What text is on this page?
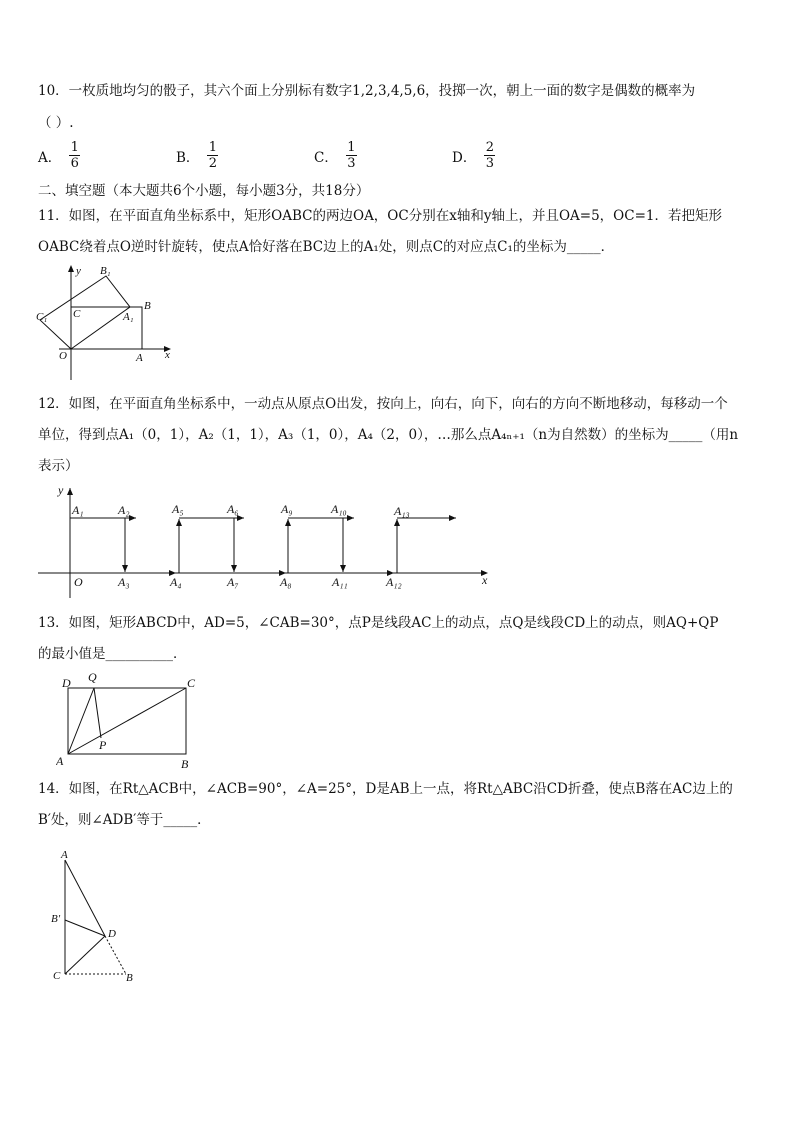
10．一枚质地均匀的骰子，其六个面上分别标有数字1,2,3,4,5,6，投掷一次，朝上一面的数字是偶数的概率为
（ ）.
A． $\frac{1}{6}$	B． $\frac{1}{2}$	C． $\frac{1}{3}$	D． $\frac{2}{3}$
二、填空题（本大题共6个小题，每小题3分，共18分）
11．如图，在平面直角坐标系中，矩形OABC的两边OA，OC分别在x轴和y轴上，并且OA=5，OC=1．若把矩形
OABC绕着点O逆时针旋转，使点A恰好落在BC边上的A₁处，则点C的对应点C₁的坐标为_____．
y
x
B₁
B
C₁ C	A₁
O	A
12．如图，在平面直角坐标系中，一动点从原点O出发，按向上，向右，向下，向右的方向不断地移动，每移动一个
单位，得到点A₁（0，1），A₂（1，1），A₃（1，0），A₄（2，0），…那么点A₄ₙ₊₁（n为自然数）的坐标为_____（用n
表示）
y
x
O
A₁	A₂	A₅	A₆	A₉	A₁₀	A₁₃
A₃	A₄	A₇	A₈	A₁₁	A₁₂
13．如图，矩形ABCD中，AD=5，∠CAB=30°，点P是线段AC上的动点，点Q是线段CD上的动点，则AQ+QP
的最小值是__________．
D Q	C
P
A	B
14．如图，在Rt△ACB中，∠ACB=90°，∠A=25°，D是AB上一点，将Rt△ABC沿CD折叠，使点B落在AC边上的
B′处，则∠ADB′等于_____．
A
B′
D
C	B
